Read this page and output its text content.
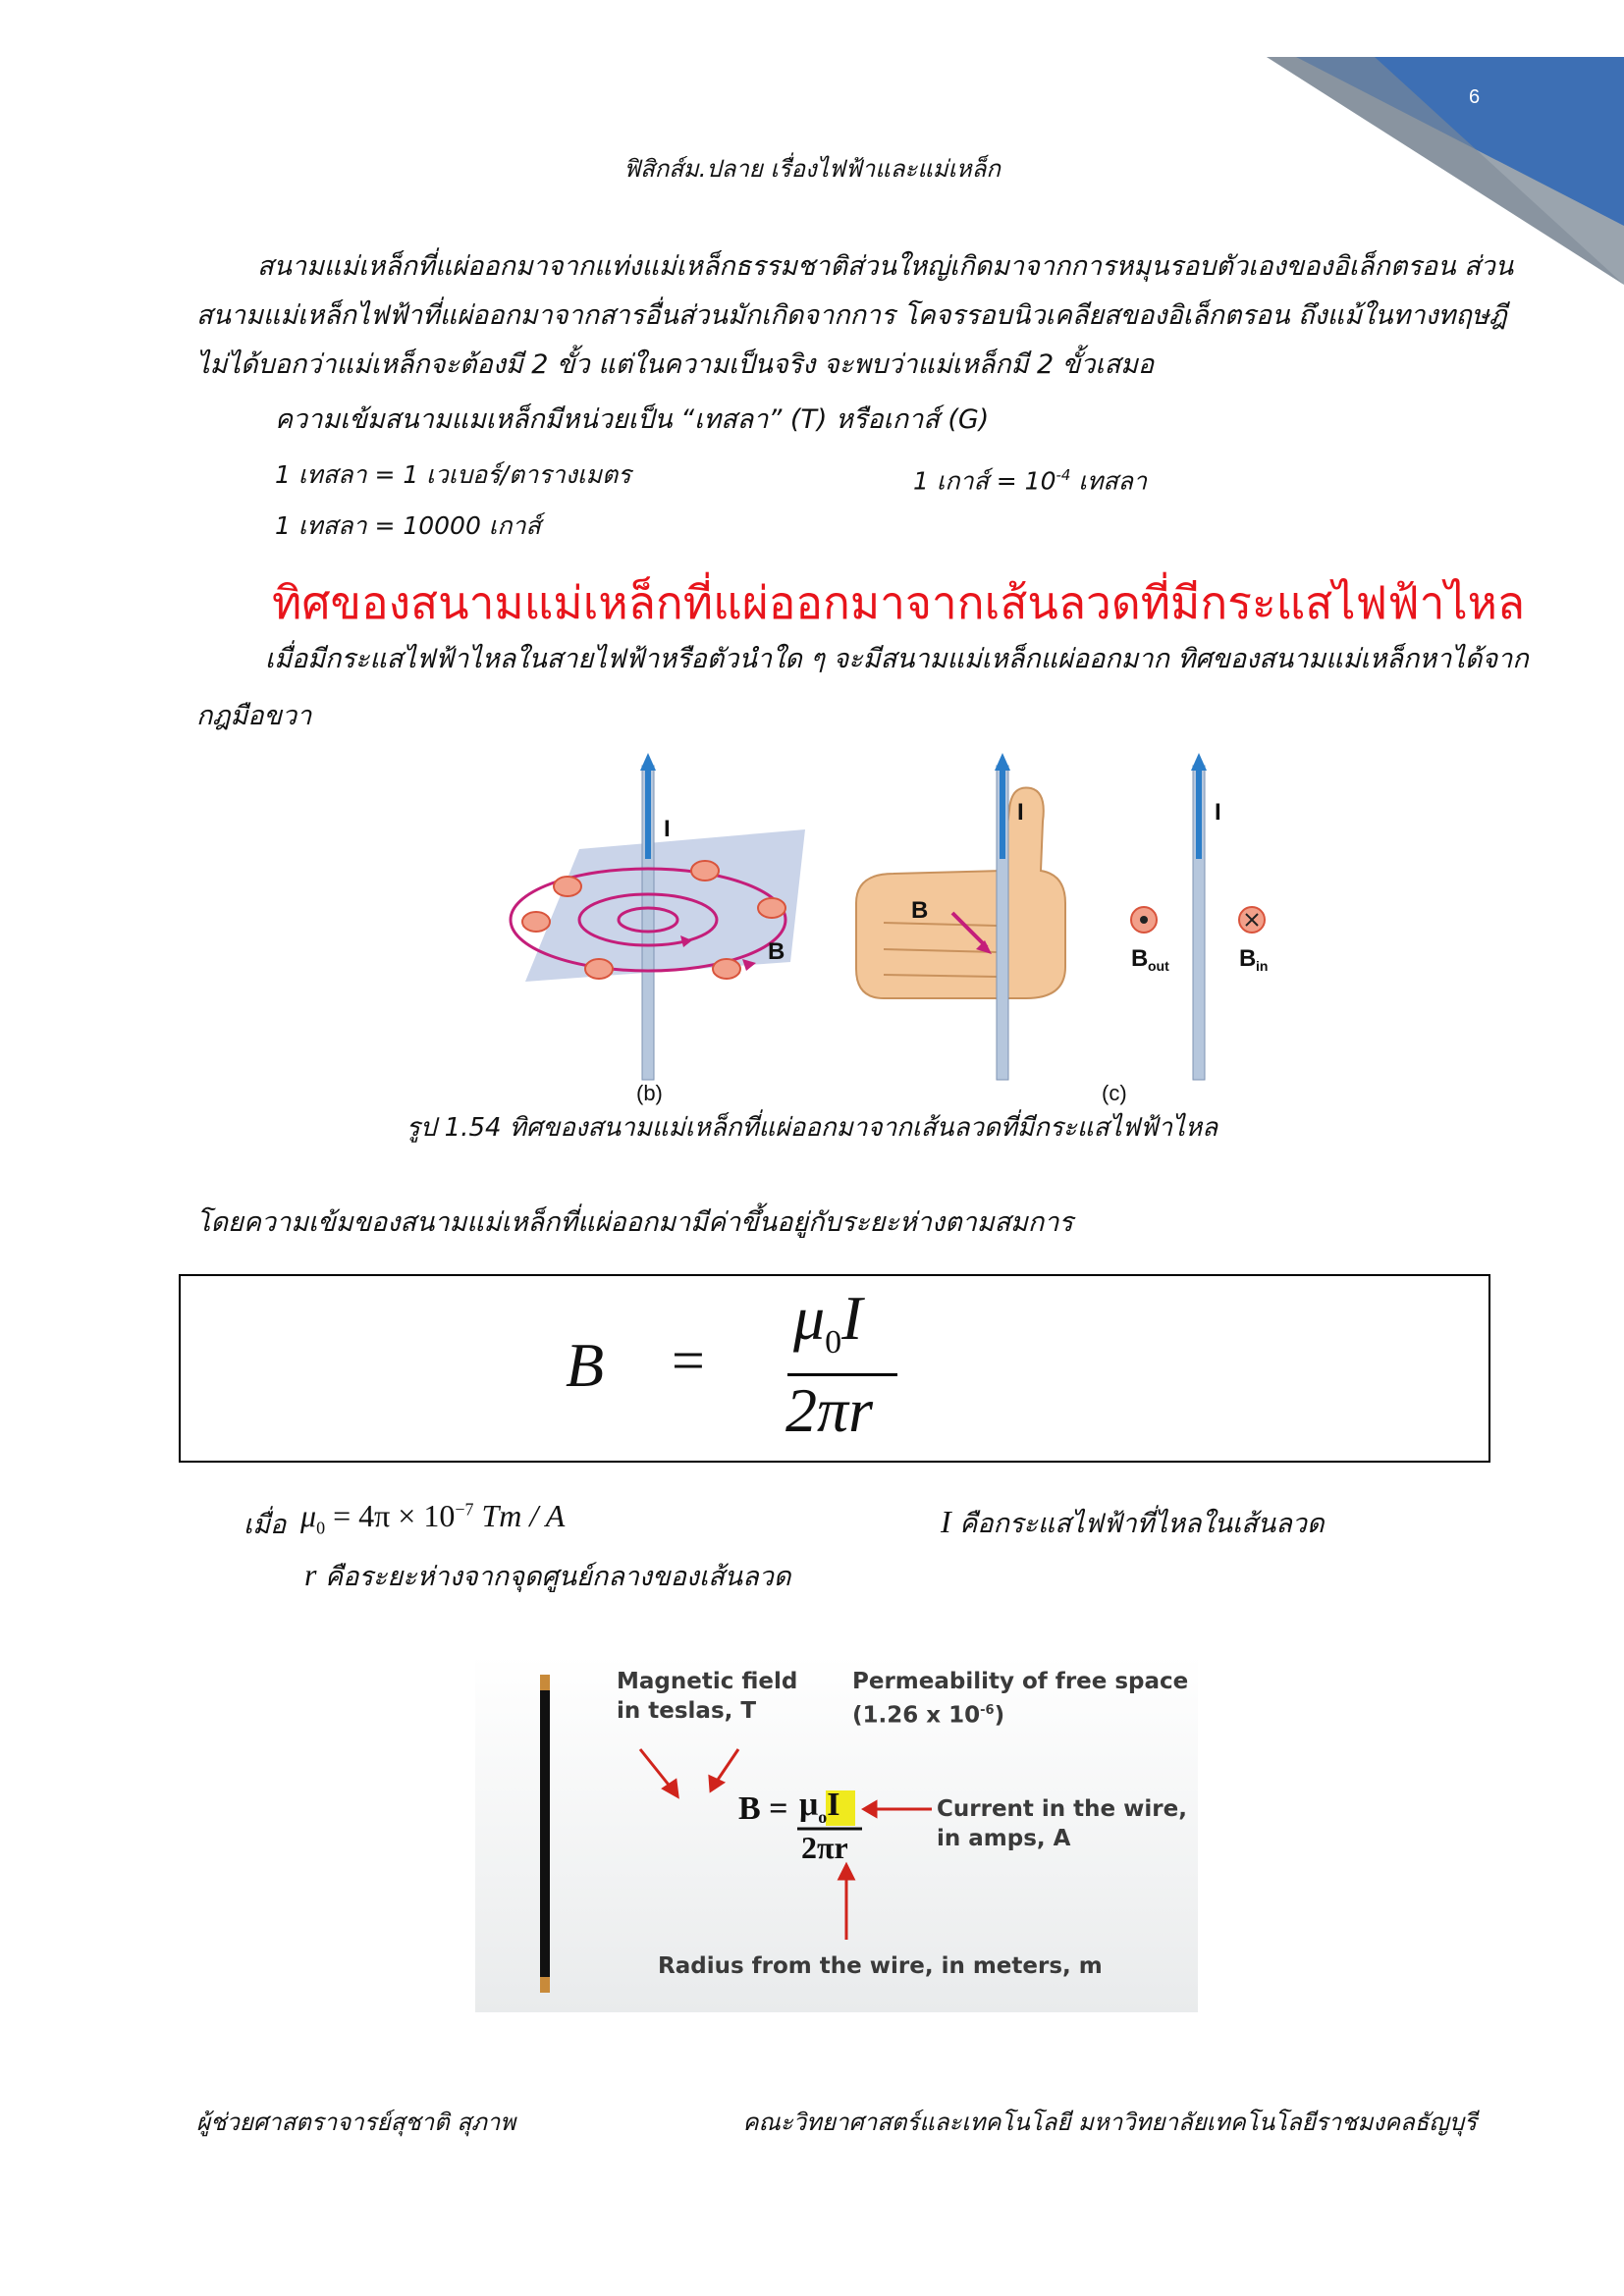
6
ฟิสิกส์ม.ปลาย เรื่องไฟฟ้าและแม่เหล็ก
สนามแม่เหล็กที่แผ่ออกมาจากแท่งแม่เหล็กธรรมชาติส่วนใหญ่เกิดมาจากการหมุนรอบตัวเองของอิเล็กตรอน ส่วน
สนามแม่เหล็กไฟฟ้าที่แผ่ออกมาจากสารอื่นส่วนมักเกิดจากการ โคจรรอบนิวเคลียสของอิเล็กตรอน ถึงแม้ในทางทฤษฎี
ไม่ได้บอกว่าแม่เหล็กจะต้องมี 2 ขั้ว แต่ในความเป็นจริง จะพบว่าแม่เหล็กมี 2 ขั้วเสมอ
ความเข้มสนามแมเหล็กมีหน่วยเป็น “เทสลา” (T) หรือเกาส์ (G)
1 เทสลา = 1 เวเบอร์/ตารางเมตร	1 เกาส์ = $10^{-4}$ เทสลา
1 เทสลา = 10000 เกาส์
ทิศของสนามแม่เหล็กที่แผ่ออกมาจากเส้นลวดที่มีกระแสไฟฟ้าไหล
เมื่อมีกระแสไฟฟ้าไหลในสายไฟฟ้าหรือตัวนำใด ๆ จะมีสนามแม่เหล็กแผ่ออกมาก ทิศของสนามแม่เหล็กหาได้จาก
กฎมือขวา
I
B
I
B
I
B out	B in
(b)	(c)
รูป 1.54 ทิศของสนามแม่เหล็กที่แผ่ออกมาจากเส้นลวดที่มีกระแสไฟฟ้าไหล
โดยความเข้มของสนามแม่เหล็กที่แผ่ออกมามีค่าขึ้นอยู่กับระยะห่างตามสมการ
B =
$\mu_0I$
2πr
เมื่อ $\mu_0 = 4\pi \times 10^{-7}$ Tm / A	I คือกระแสไฟฟ้าที่ไหลในเส้นลวด
r คือระยะห่างจากจุดศูนย์กลางของเส้นลวด
Magnetic field
in teslas, T
Permeability of free space
(1.26 x $10^{-6}$)
Current in the wire,
in amps, A
Radius from the wire, in meters, m
$B = \mu_oI$
2πr
ผู้ช่วยศาสตราจารย์สุชาติ สุภาพ	คณะวิทยาศาสตร์และเทคโนโลยี มหาวิทยาลัยเทคโนโลยีราชมงคลธัญบุรี
